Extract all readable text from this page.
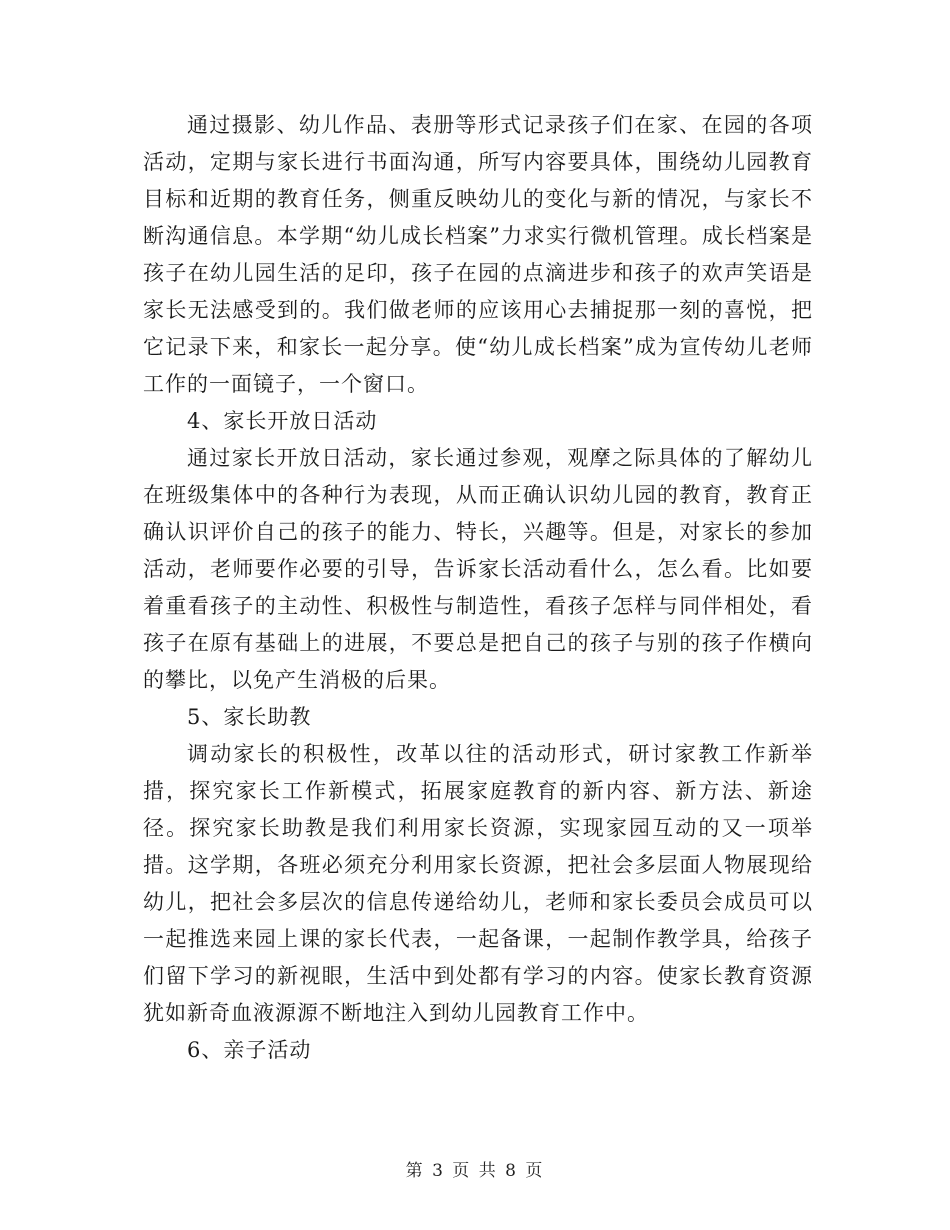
通过摄影、幼儿作品、表册等形式记录孩子们在家、在园的各项活动，定期与家长进行书面沟通，所写内容要具体，围绕幼儿园教育目标和近期的教育任务，侧重反映幼儿的变化与新的情况，与家长不断沟通信息。本学期“幼儿成长档案”力求实行微机管理。成长档案是孩子在幼儿园生活的足印，孩子在园的点滴进步和孩子的欢声笑语是家长无法感受到的。我们做老师的应该用心去捕捉那一刻的喜悦，把它记录下来，和家长一起分享。使“幼儿成长档案”成为宣传幼儿老师工作的一面镜子，一个窗口。

4、家长开放日活动

通过家长开放日活动，家长通过参观，观摩之际具体的了解幼儿在班级集体中的各种行为表现，从而正确认识幼儿园的教育，教育正确认识评价自己的孩子的能力、特长，兴趣等。但是，对家长的参加活动，老师要作必要的引导，告诉家长活动看什么，怎么看。比如要着重看孩子的主动性、积极性与制造性，看孩子怎样与同伴相处，看孩子在原有基础上的进展，不要总是把自己的孩子与别的孩子作横向的攀比，以免产生消极的后果。

5、家长助教

调动家长的积极性，改革以往的活动形式，研讨家教工作新举措，探究家长工作新模式，拓展家庭教育的新内容、新方法、新途径。探究家长助教是我们利用家长资源，实现家园互动的又一项举措。这学期，各班必须充分利用家长资源，把社会多层面人物展现给幼儿，把社会多层次的信息传递给幼儿，老师和家长委员会成员可以一起推选来园上课的家长代表，一起备课，一起制作教学具，给孩子们留下学习的新视眼，生活中到处都有学习的内容。使家长教育资源犹如新奇血液源源不断地注入到幼儿园教育工作中。

6、亲子活动

第 3 页 共 8 页
